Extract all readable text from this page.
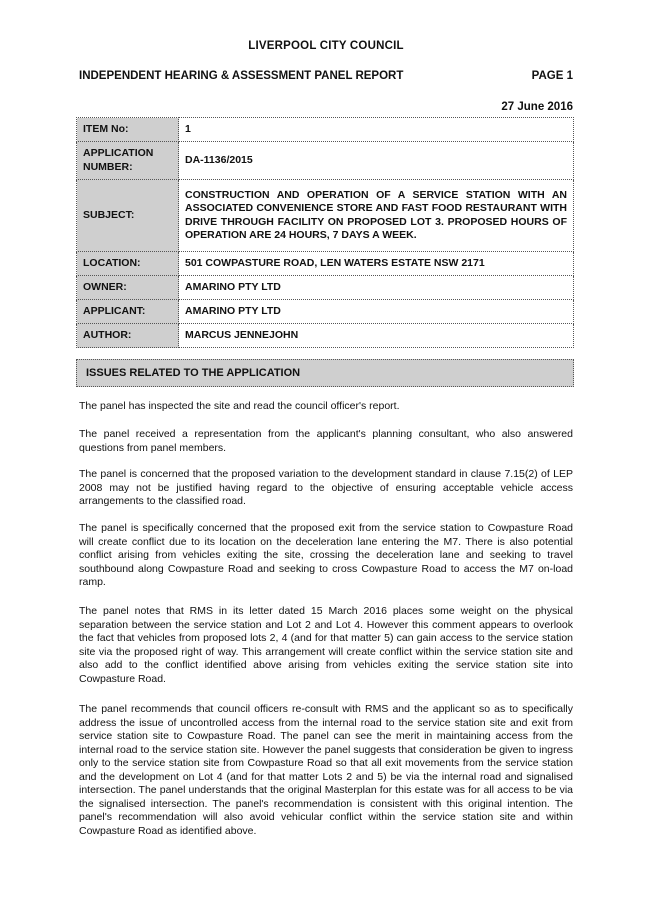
LIVERPOOL CITY COUNCIL
INDEPENDENT HEARING & ASSESSMENT PANEL REPORT	PAGE 1
27 June 2016
ITEM No:	1
APPLICATION NUMBER:	DA-1136/2015
SUBJECT:	CONSTRUCTION AND OPERATION OF A SERVICE STATION WITH AN ASSOCIATED CONVENIENCE STORE AND FAST FOOD RESTAURANT WITH DRIVE THROUGH FACILITY ON PROPOSED LOT 3. PROPOSED HOURS OF OPERATION ARE 24 HOURS, 7 DAYS A WEEK.
LOCATION:	501 COWPASTURE ROAD, LEN WATERS ESTATE NSW 2171
OWNER:	AMARINO PTY LTD
APPLICANT:	AMARINO PTY LTD
AUTHOR:	MARCUS JENNEJOHN
ISSUES RELATED TO THE APPLICATION

The panel has inspected the site and read the council officer's report.

The panel received a representation from the applicant's planning consultant, who also answered questions from panel members.

The panel is concerned that the proposed variation to the development standard in clause 7.15(2) of LEP 2008 may not be justified having regard to the objective of ensuring acceptable vehicle access arrangements to the classified road.

The panel is specifically concerned that the proposed exit from the service station to Cowpasture Road will create conflict due to its location on the deceleration lane entering the M7. There is also potential conflict arising from vehicles exiting the site, crossing the deceleration lane and seeking to travel southbound along Cowpasture Road and seeking to cross Cowpasture Road to access the M7 on-load ramp.

The panel notes that RMS in its letter dated 15 March 2016 places some weight on the physical separation between the service station and Lot 2 and Lot 4. However this comment appears to overlook the fact that vehicles from proposed lots 2, 4 (and for that matter 5) can gain access to the service station site via the proposed right of way. This arrangement will create conflict within the service station site and also add to the conflict identified above arising from vehicles exiting the service station site into Cowpasture Road.

The panel recommends that council officers re-consult with RMS and the applicant so as to specifically address the issue of uncontrolled access from the internal road to the service station site and exit from service station site to Cowpasture Road. The panel can see the merit in maintaining access from the internal road to the service station site. However the panel suggests that consideration be given to ingress only to the service station site from Cowpasture Road so that all exit movements from the service station and the development on Lot 4 (and for that matter Lots 2 and 5) be via the internal road and signalised intersection. The panel understands that the original Masterplan for this estate was for all access to be via the signalised intersection. The panel's recommendation is consistent with this original intention. The panel's recommendation will also avoid vehicular conflict within the service station site and within Cowpasture Road as identified above.
